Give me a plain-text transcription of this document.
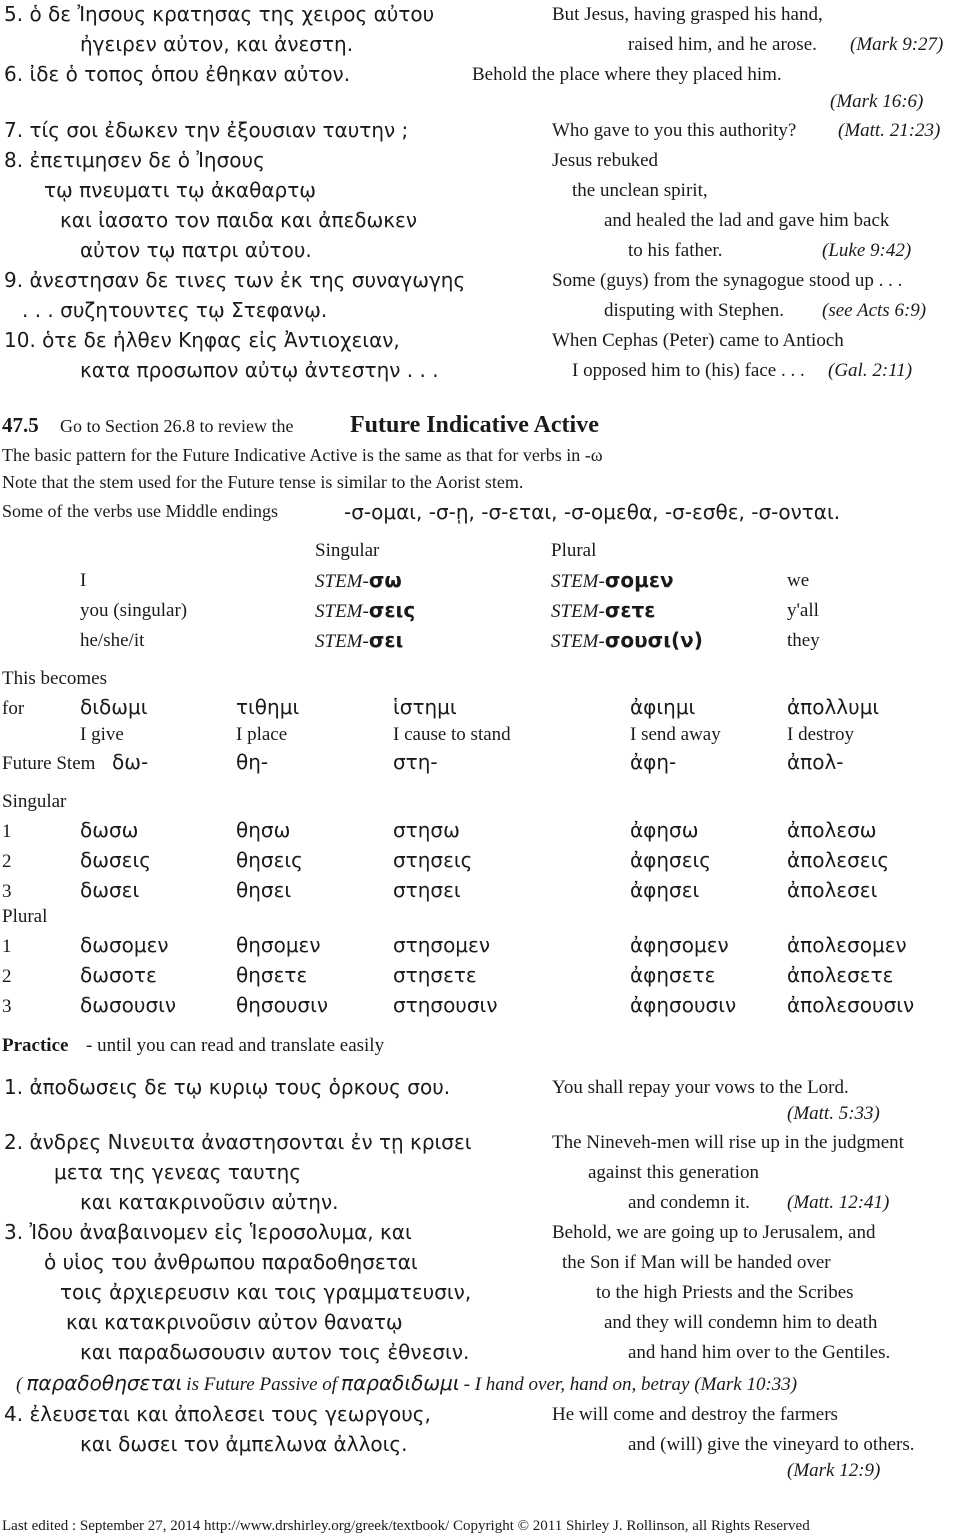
5. ὁ δε Ἰησους κρατησας της χειρος αὐτου	But Jesus, having grasped his hand,
ἠγειρεν αὐτον, και ἀνεστη.	raised him, and he arose. (Mark 9:27)
6. ἰδε ὁ τοπος ὁπου ἐθηκαν αὐτον.	Behold the place where they placed him.
(Mark 16:6)
7. τίς σοι ἐδωκεν την ἐξουσιαν ταυτην ;	Who gave to you this authority? (Matt. 21:23)
8. ἐπετιμησεν δε ὁ Ἰησους	Jesus rebuked
τῳ πνευματι τῳ ἀκαθαρτῳ	the unclean spirit,
και ἰασατο τον παιδα και ἀπεδωκεν	and healed the lad and gave him back
αὐτον τῳ πατρι αὐτου.	to his father.	(Luke 9:42)
9. ἀνεστησαν δε τινες των ἐκ της συναγωγης	Some (guys) from the synagogue stood up . . .
. . . συζητουντες τῳ Στεφανῳ.	disputing with Stephen. (see Acts 6:9)
10. ὁτε δε ἠλθεν Κηφας εἰς Ἀντιοχειαν,	When Cephas (Peter) came to Antioch
κατα προσωπον αὐτῳ ἀντεστην . . .	I opposed him to (his) face . . . (Gal. 2:11)
47.5 Go to Section 26.8 to review the Future Indicative Active
The basic pattern for the Future Indicative Active is the same as that for verbs in -ω
Note that the stem used for the Future tense is similar to the Aorist stem.
Some of the verbs use Middle endings	-σ-ομαι, -σ-ῃ, -σ-εται, -σ-ομεθα, -σ-εσθε, -σ-ονται.
Singular	Plural
I	STEM-σω	STEM-σομεν	we
you (singular)	STEM-σεις	STEM-σετε	y'all
he/she/it	STEM-σει	STEM-σουσι(ν)	they
This becomes
for	διδωμι	τιθημι	ἱστημι	ἀφιημι	ἀπολλυμι
I give	I place	I cause to stand	I send away	I destroy
Future Stem δω-	θη-	στη-	ἀφη-	ἀπολ-
Singular
1	δωσω	θησω	στησω	ἀφησω	ἀπολεσω
2	δωσεις	θησεις	στησεις	ἀφησεις	ἀπολεσεις
3	δωσει	θησει	στησει	ἀφησει	ἀπολεσει
Plural
1	δωσομεν	θησομεν	στησομεν	ἀφησομεν	ἀπολεσομεν
2	δωσοτε	θησετε	στησετε	ἀφησετε	ἀπολεσετε
3	δωσουσιν	θησουσιν	στησουσιν	ἀφησουσιν	ἀπολεσουσιν
Practice - until you can read and translate easily
1. ἀποδωσεις δε τῳ κυριῳ τους ὁρκους σου.	You shall repay your vows to the Lord.
(Matt. 5:33)
2. ἀνδρες Νινευιτα ἀναστησονται ἐν τῃ κρισει	The Nineveh-men will rise up in the judgment
μετα της γενεας ταυτης	against this generation
και κατακρινοῦσιν αὐτην.	and condemn it. (Matt. 12:41)
3. Ἰδου ἀναβαινομεν εἰς Ἱεροσολυμα, και	Behold, we are going up to Jerusalem, and
ὁ υἱος του ἀνθρωπου παραδοθησεται	the Son if Man will be handed over
τοις ἀρχιερευσιν και τοις γραμματευσιν,	to the high Priests and the Scribes
και κατακρινοῦσιν αὐτον θανατῳ	and they will condemn him to death
και παραδωσουσιν αυτον τοις ἐθνεσιν.	and hand him over to the Gentiles.
( παραδοθησεται is Future Passive of παραδιδωμι - I hand over, hand on, betray (Mark 10:33)
4. ἐλευσεται και ἀπολεσει τους γεωργους,	He will come and destroy the farmers
και δωσει τον ἀμπελωνα ἀλλοις.	and (will) give the vineyard to others.
(Mark 12:9)
Last edited : September 27, 2014 http://www.drshirley.org/greek/textbook/ Copyright © 2011 Shirley J. Rollinson, all Rights Reserved
